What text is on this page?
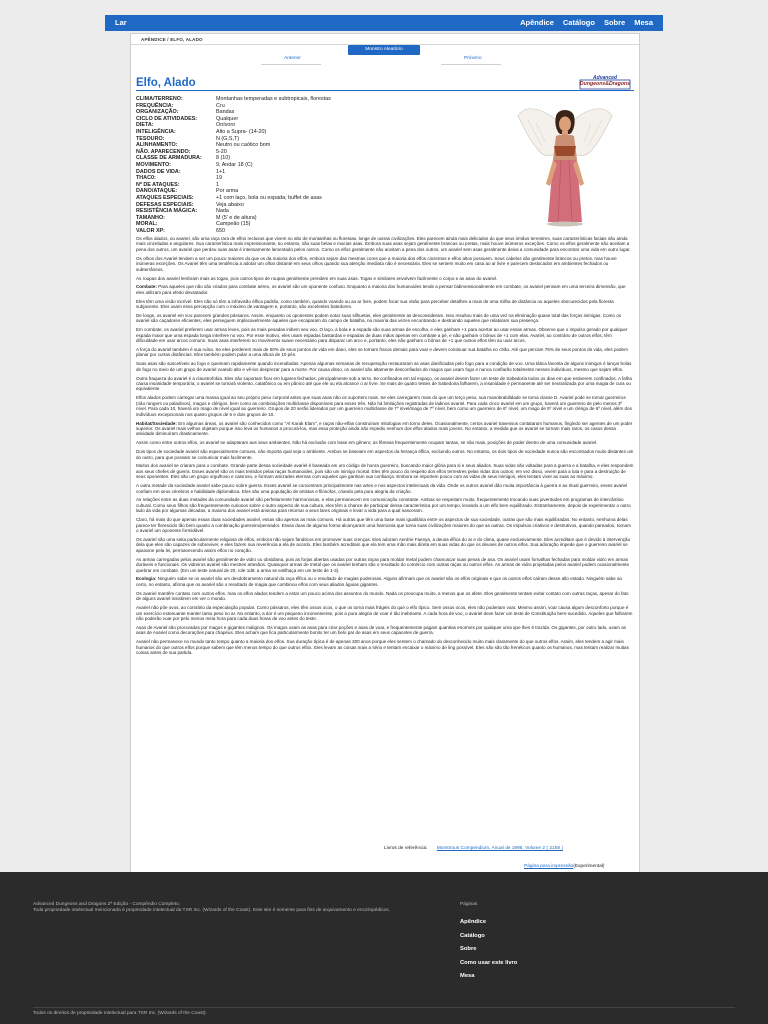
Lar	Apêndice Catálogo Sobre Mesa
APÊNDICE / ELFO, ALADO
Monstro Aleatório
Anterior	Próximo
Elfo, Alado	Advanced
Dungeons&Dragons
CLIMA/TERRENO:	Montanhas temperadas e subtropicais, florestas
FREQUÊNCIA:	Cru
ORGANIZAÇÃO:	Bandas
CICLO DE ATIVIDADES:	Qualquer
DIETA:	Onívoro
INTELIGÊNCIA:	Alto a Supra- (14-20)
TESOURO:	N (G,S,T)
ALINHAMENTO:	Neutro ou caótico bom
NÃO. APARECENDO:	5-20
CLASSE DE ARMADURA:	8 (10)
MOVIMENTO:	9, Andar 18 (C)
DADOS DE VIDA:	1+1
THAC0:	19
Nº DE ATAQUES:	1
DANO/ATAQUE:	Por arma
ATAQUES ESPECIAIS:	+1 com laço, bola ou espada; buffet de asas
DEFESAS ESPECIAIS:	Veja abaixo
RESISTÊNCIA MÁGICA:	Nada
TAMANHO:	M (5' e de altura)
MORAL:	Campeão (15)
VALOR XP:	650

Os elfos alados, ou avariel, são uma raça rara de elfos reclusos que vivem no alto de montanhas ou florestas, longe de outras civilizações. Eles parecem ainda mais delicados do que seus irmãos terrestres, suas características faciais são ainda mais cinzeladas e angulares. Sua característica mais impressionante, no entanto, são suas belas e macias asas. Embora suas asas sejam geralmente brancas ou pretas, mais houve inúmeros exceções. Como os elfos geralmente não aceitam a pena dos outros, um avariel que perdeu suas asas é intensamente lamentado pelos outros. Como os elfos geralmente não aceitam a pena dos outros, um avariel sem asas geralmente deixa a comunidade para encontrar uma vida em outro lugar.

Os olhos dos Avariel tendem a ser um pouco maiores do que os da maioria dos elfos, embora sejam das mesmas cores que a maioria dos elfos cinzentos e elfos altos possuem. Seus cabelos são geralmente brancos ou pretos, mas houve inúmeras exceções. Os Avariel têm uma tendência a adotar um olhar distante em seus olhos quando sua atenção imediata não é necessária. Eles se sentem muito em casa ao ar livre e parecem deslocados em ambientes fechados ou subterrâneos.

As roupas dos avariel lembram mais as togas, pois outros tipos de roupas geralmente prendem em suas asas. Togas e similares envolvem facilmente o corpo e as asas do avariel.

Combate: Para aqueles que não são criados para combate aéreo, os avariel são um oponente confuso. Enquanto a maioria dos humanoides tende a pensar bidimensionalmente em combate, os avariel pensam em uma terceira dimensão, que eles utilizam para efeito devastador.

Eles têm uma visão incrível. Eles não só têm a infravisão élfica padrão, como também, quando voando ou ao ar livre, podem focar sua visão para perceber detalhes a mais de uma milha de distância ou aqueles obscurecidos pela floresta subjacente. Eles usam essa percepção com o máximo de vantagem e, portanto, são excelentes batedores.

De longe, os avariel em voo parecem grandes pássaros. Assim, enquanto os oponentes podem notar suas silhuetas, eles geralmente as desconsideram. Isso resultou mais de uma vez na eliminação quase total das forças inimigas. Como os avariel são caçadores eficientes, eles perseguem implacavelmente aqueles que escaparam do campo de batalha, na maioria das vezes encontrando e destruindo aqueles que relataram sua presença.

Em combate, os avariel preferem usar armas leves, pois as mais pesadas inibem seu voo. O laço, a bola e a espada são suas armas de escolha, e eles ganham +1 para acertar ao usar essas armas. Observe que o impulso gerado por qualquer espada maior que uma espada longa interfere no voo. Por esse motivo, eles usam espadas bastardas e espadas de duas mãos apenas em combate a pé, e não ganham o bônus de +1 com elas. Avariel, ao contrário de outros elfos, têm dificuldade em usar arcos comuns. Suas asas interferem no movimento suave necessário para disparar um arco e, portanto, eles não ganham o bônus de +1 que outros elfos têm ao usar arcos.

A força do avariel também é sua ruína. Se eles perderem mais de 50% de seus pontos de vida em dano, eles se tornam fracos demais para voar e devem continuar sua batalha no chão. Até que percam 75% de seus pontos de vida, eles podem planar por curtas distâncias. Eles também podem pular a uma altura de 10 pés.

Suas asas são suscetíveis ao fogo e queimam rapidamente quando incendiadas. Apenas algumas semanas de recuperação restauraram as asas danificadas pelo fogo para a condição de voo. Uma tática favorita de alguns inimigos é lançar bolas de fogo no meio de um grupo de avariel voando alto e vê-los desprezar para a morte. Por causa disso, os avariel são altamente desconfiados de magos que usam fogo e nunca confiarão totalmente nesses indivíduos, mesmo que sejam elfos.

Outra fraqueza do avariel é a claustrofobia. Eles não suportam ficar em lugares fechados, principalmente sob a terra. Se confinados em tal espaço, os avariel devem fazer um teste de Sabedoria todos os dias em que estiverem confinados. A falha causa insanidade temporária; o avariel se tornará violento, catatônico ou em pânico até que ele ou ela alcance o ar livre. Se mais de quatro testes de Sabedoria falharem, a insanidade é permanente até ser neutralizada por uma magia de cura ou equivalente.

Elfos alados podem carregar uma massa igual ao seu próprio peso corporal antes que suas asas não os suportem mais. Se eles carregarem mais do que um terço peso, sua manobrabilidade se torna classe D. Avariel pode se tornar guerreiros (não rangers ou paladinos), magos e clérigos, bem como as combinações multiclasse disponíveis para esses três. Não há limitações registradas de ladinos avariel. Para cada cinco avariel em um grupo, haverá um guerreiro de pelo menos 3º nível. Para cada 10, haverá um mago de nível igual ao guerreiro. Grupos de 20 serão liderados por um guerreiro multiclasse de 7º nível/mago de 7º nível, bem como um guerreiro de 6º nível, um mago de 5º nível e um clérigo de 6º nível, além dos indivíduos excepcionais nos quatro grupos de 5 e dois grupos de 10.

Habitat/Sociedade: Em algumas áreas, os avariel são conhecidos como "Al Karak Elam", e raças não-elfas construíram mitologias em torno deles. Ocasionalmente, certos avariel travessos contataram humanos, fingindo ser agentes de um poder superior. Os avariel mais velhos objetam porque isso leva os humanos a procurá-los, mas essa proteção ainda não impediu nenhum dos elfos alados mais jovens. No entanto, a medida que os avariel se tornam mais raros, os casos dessa atividade diminuíram drasticamente.

Assim como entre outros elfos, os avariel se adaptaram aos seus ambientes. Não há exclusão com base em gênero; as fêmeas frequentemente ocupam tantas, se não mais, posições de poder dentro de uma comunidade avariel.

Dois tipos de sociedade avariel são especialmente comuns, não importa qual seja o ambiente. Ambos se baseiam em aspectos da herança élfica, excluindo outros. No entanto, os dois tipos de sociedade nunca são encontrados muito distantes um do outro, para que possam se comunicar mais facilmente.

Muitos dos avariel se criaram para o combate. Grande parte dessa sociedade avariel é baseada em um código de honra guerreiro, buscando maior glória para si e seus aliados. Suas vidas são voltadas para a guerra e a batalha, e eles respondem aos seus chefes de guerra. Esses avariel são os mais temidos pelas raças humanoides, pois são um inimigo mortal. Eles têm pouco do respeito dos elfos terrestres pelas vidas dos outros; em vez disso, vivem para a luta e para a destruição de seus oponentes. Eles são um grupo orgulhoso e caloroso, e formam amizades eternas com aqueles que ganham sua confiança. Embora se importem pouco com as vidas de seus inimigos, eles tentam viver as suas ao máximo.

A outra metade da sociedade avariel sabe pouco sobre guerra. Esses avariel se concentram principalmente nas artes e nos aspectos intelectuais da vida. Onde os outros avariel dão muita importância à guerra e ao ritual guerreiro, esses avariel confiam em seus cérebros e habilidade diplomática. Eles são uma população de artistas e filósofos, criando pela pura alegria da criação.

As relações entre as duas metades da comunidade avariel são perfeitamente harmoniosas, e elas permanecem em comunicação constante. Ambas se respeitam muito, frequentemente trocando suas juventudes em programas de intercâmbio cultural. Como seus filhos são frequentemente curiosos sobre o outro aspecto de sua cultura, eles têm a chance de participar dessa característica por um tempo, levando a um elfo bem equilibrado. Estranhamente, depois de experimentar o outro lado da vida por algumas décadas, a maioria dos avariel está ansiosa para retornar a seus lares originais e levar a vida para a qual nasceram.

Claro, há mais do que apenas essas duas sociedades avariel, essas são apenas as mais comuns. Há outras que têm uma base mais igualitária entre os aspectos de sua sociedade, outras que são mais equilibradas. No entanto, nenhuma delas parece ter florescido tão bem quanto a combinação guerreiro/pensador. Essas duas de alguma forma alcançaram uma harmonia que torna suas civilizações maiores do que as outras. Os impulsos criativos e destrutivos, quando pareados, tornam o avariel um oponente formidável.

Os avariel são uma seita particularmente religiosa de elfos, embora não sejam fanáticos em promover suas crenças. Eles adoram Aerdrie Faenya, a deusa élfica do ar e do clima, quase exclusivamente. Eles acreditam que é devido à intervenção dela que eles são capazes de sobreviver, e eles fazem sua reverência a ela de acordo. Eles também acreditam que ela tem uma mão mais direta em suas vidas do que os deuses de outros elfos. Sua adoração impede que o guerreiro avariel se apaixone pela lei, permanecendo assim elfos no coração.

As armas carregadas pelos avariel são geralmente de vidro ou obsidiana, pois as forjas abertas usadas por outras raças para moldar metal podem chamuscar suas penas de asa. Os avariel usam fornalhas fechadas para moldar vidro em armas duráveis e funcionais. Os vidreiros avariel são mestres artesãos. Quaisquer armas de metal que os avariel tenham são o resultado do comércio com outras raças ou outros elfos. As armas de vidro projetadas pelos avariel podem ocasionalmente quebrar em combate. (Em um teste natural de 20, role 1d6; a arma se estilhaça em um teste de 1-3).

Ecologia: Ninguém sabe se os avariel são um desdobramento natural da raça élfica ou o resultado de magias poderosas. Alguns afirmam que os avariel são os elfos originais e que os outros elfos caíram desse alto estado. Ninguém sabe ao certo, no entanto, afirma que os avariel são o resultado de magia que combinou elfos com seus aliados águias gigantes.

Os avariel mantêm contato com outros elfos, mas os elfos alados tendem a estar um pouco acima dos assuntos do mundo. Nada os preocupa muito, a menos que os afete. Eles geralmente tentam evitar contato com outras raças, apesar do fato de alguns avariel insistirem em ver o mundo.

Avariel não põe ovos, ao contrário da especulação popular. Como pássaros, eles têm ossos ocos, o que os torna mais frágeis do que o elfo típico. Sem ossos ocos, eles não poderiam voar. Mesmo assim, voar causa algum desconforto porque é um exercício extenuante manter tanto peso no ar. No entanto, a dor é um pequeno inconveniente, pois a pura alegria de voar é tão inebriante. A cada hora de voo, o avariel deve fazer um teste de Constituição bem-sucedido. Aqueles que falharem não poderão voar por pelo menos meia hora para cada duas horas de voo antes do teste.

Asas de Avariel são procuradas por magos e gigantes malignos. Os magos usam as asas para criar poções e asas de voar, e frequentemente pagam quantias enormes por qualquer uma que lhes é trazida. Os gigantes, por outro lado, usam as asas de Avariel como decorações para chapéus. Eles acham que fica particularmente bonito ter um belo par de asas em seus capacetes de guerra.

Avariel não permanece no mundo tanto tempo quanto a maioria dos elfos. Sua duração típica é de apenas 300 anos porque eles sentem o chamado do desconhecido muito mais claramente do que outros elfos. Assim, eles tendem a agir mais humanos do que outros elfos porque sabem que têm menos tempo do que outros elfos. Eles levam as coisas mais a sério e tentam encaixar o máximo de ling possível. Eles não são tão frenéticos quanto os humanos, mas tentam realizar muitas coisas antes de sua partida.

Livros de referência: Monstrous Compendium, Anual de 1995, Volume 2 ( 2158 )
Página para impressão(Experimental)
Advanced Dungeons and Dragons 2ª Edição - Compêndio Completo.
Toda propriedade intelectual mencionada é propriedade intelectual da TSR Inc. (Wizards of the Coast). Este site é somente para fins de arquivamento e enciclopédicos.
Páginas
Apêndice
Catálogo
Sobre
Como usar este livro
Mesa
Todos os direitos de propriedade intelectual para TSR Inc. (Wizards of the Coast).
